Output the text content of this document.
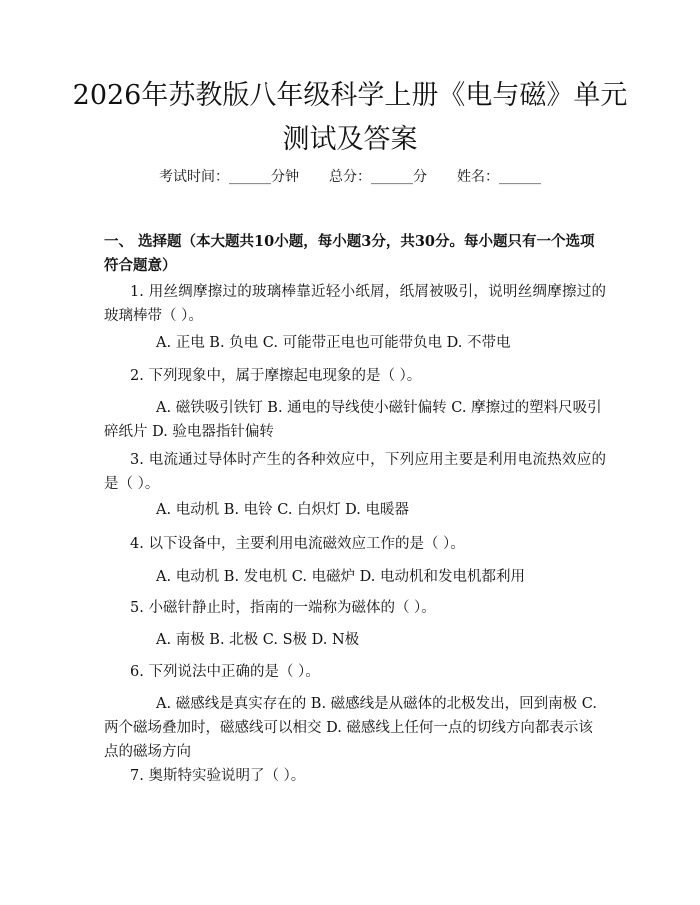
2026年苏教版八年级科学上册《电与磁》单元测试及答案
考试时间：______分钟 总分：______分 姓名：______
一、 选择题（本大题共10小题，每小题3分，共30分。每小题只有一个选项符合题意）
1. 用丝绸摩擦过的玻璃棒靠近轻小纸屑，纸屑被吸引，说明丝绸摩擦过的玻璃棒带（ ）。
A. 正电 B. 负电 C. 可能带正电也可能带负电 D. 不带电
2. 下列现象中，属于摩擦起电现象的是（ ）。
A. 磁铁吸引铁钉 B. 通电的导线使小磁针偏转 C. 摩擦过的塑料尺吸引碎纸片 D. 验电器指针偏转
3. 电流通过导体时产生的各种效应中，下列应用主要是利用电流热效应的是（ ）。
A. 电动机 B. 电铃 C. 白炽灯 D. 电暖器
4. 以下设备中，主要利用电流磁效应工作的是（ ）。
A. 电动机 B. 发电机 C. 电磁炉 D. 电动机和发电机都利用
5. 小磁针静止时，指南的一端称为磁体的（ ）。
A. 南极 B. 北极 C. S极 D. N极
6. 下列说法中正确的是（ ）。
A. 磁感线是真实存在的 B. 磁感线是从磁体的北极发出，回到南极 C. 两个磁场叠加时，磁感线可以相交 D. 磁感线上任何一点的切线方向都表示该点的磁场方向
7. 奥斯特实验说明了（ ）。
